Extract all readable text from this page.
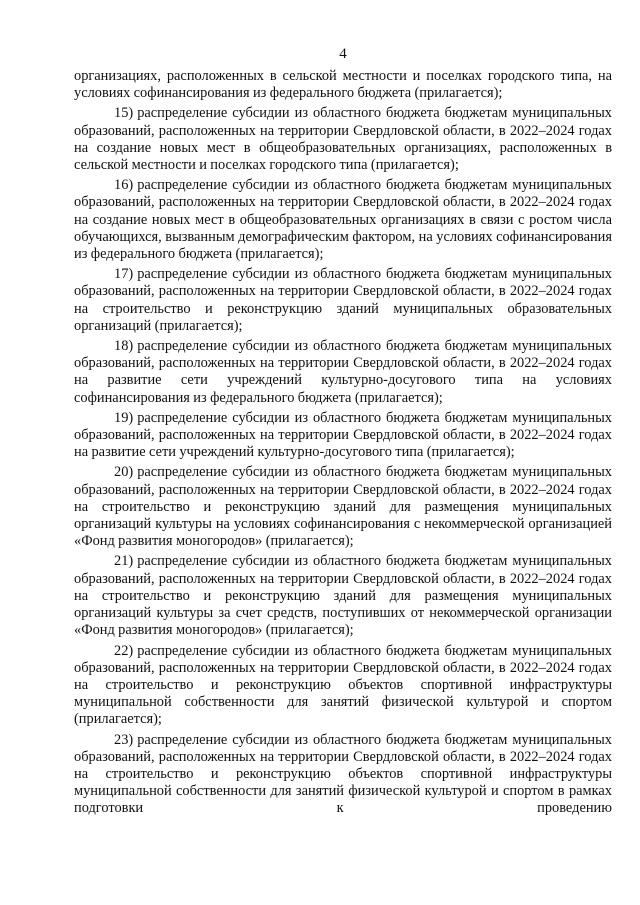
4

организациях, расположенных в сельской местности и поселках городского типа, на условиях софинансирования из федерального бюджета (прилагается);

15) распределение субсидии из областного бюджета бюджетам муниципальных образований, расположенных на территории Свердловской области, в 2022–2024 годах на создание новых мест в общеобразовательных организациях, расположенных в сельской местности и поселках городского типа (прилагается);

16) распределение субсидии из областного бюджета бюджетам муниципальных образований, расположенных на территории Свердловской области, в 2022–2024 годах на создание новых мест в общеобразовательных организациях в связи с ростом числа обучающихся, вызванным демографическим фактором, на условиях софинансирования из федерального бюджета (прилагается);

17) распределение субсидии из областного бюджета бюджетам муниципальных образований, расположенных на территории Свердловской области, в 2022–2024 годах на строительство и реконструкцию зданий муниципальных образовательных организаций (прилагается);

18) распределение субсидии из областного бюджета бюджетам муниципальных образований, расположенных на территории Свердловской области, в 2022–2024 годах на развитие сети учреждений культурно-досугового типа на условиях софинансирования из федерального бюджета (прилагается);

19) распределение субсидии из областного бюджета бюджетам муниципальных образований, расположенных на территории Свердловской области, в 2022–2024 годах на развитие сети учреждений культурно-досугового типа (прилагается);

20) распределение субсидии из областного бюджета бюджетам муниципальных образований, расположенных на территории Свердловской области, в 2022–2024 годах на строительство и реконструкцию зданий для размещения муниципальных организаций культуры на условиях софинансирования с некоммерческой организацией «Фонд развития моногородов» (прилагается);

21) распределение субсидии из областного бюджета бюджетам муниципальных образований, расположенных на территории Свердловской области, в 2022–2024 годах на строительство и реконструкцию зданий для размещения муниципальных организаций культуры за счет средств, поступивших от некоммерческой организации «Фонд развития моногородов» (прилагается);

22) распределение субсидии из областного бюджета бюджетам муниципальных образований, расположенных на территории Свердловской области, в 2022–2024 годах на строительство и реконструкцию объектов спортивной инфраструктуры муниципальной собственности для занятий физической культурой и спортом (прилагается);

23) распределение субсидии из областного бюджета бюджетам муниципальных образований, расположенных на территории Свердловской области, в 2022–2024 годах на строительство и реконструкцию объектов спортивной инфраструктуры муниципальной собственности для занятий физической культурой и спортом в рамках подготовки к проведению
